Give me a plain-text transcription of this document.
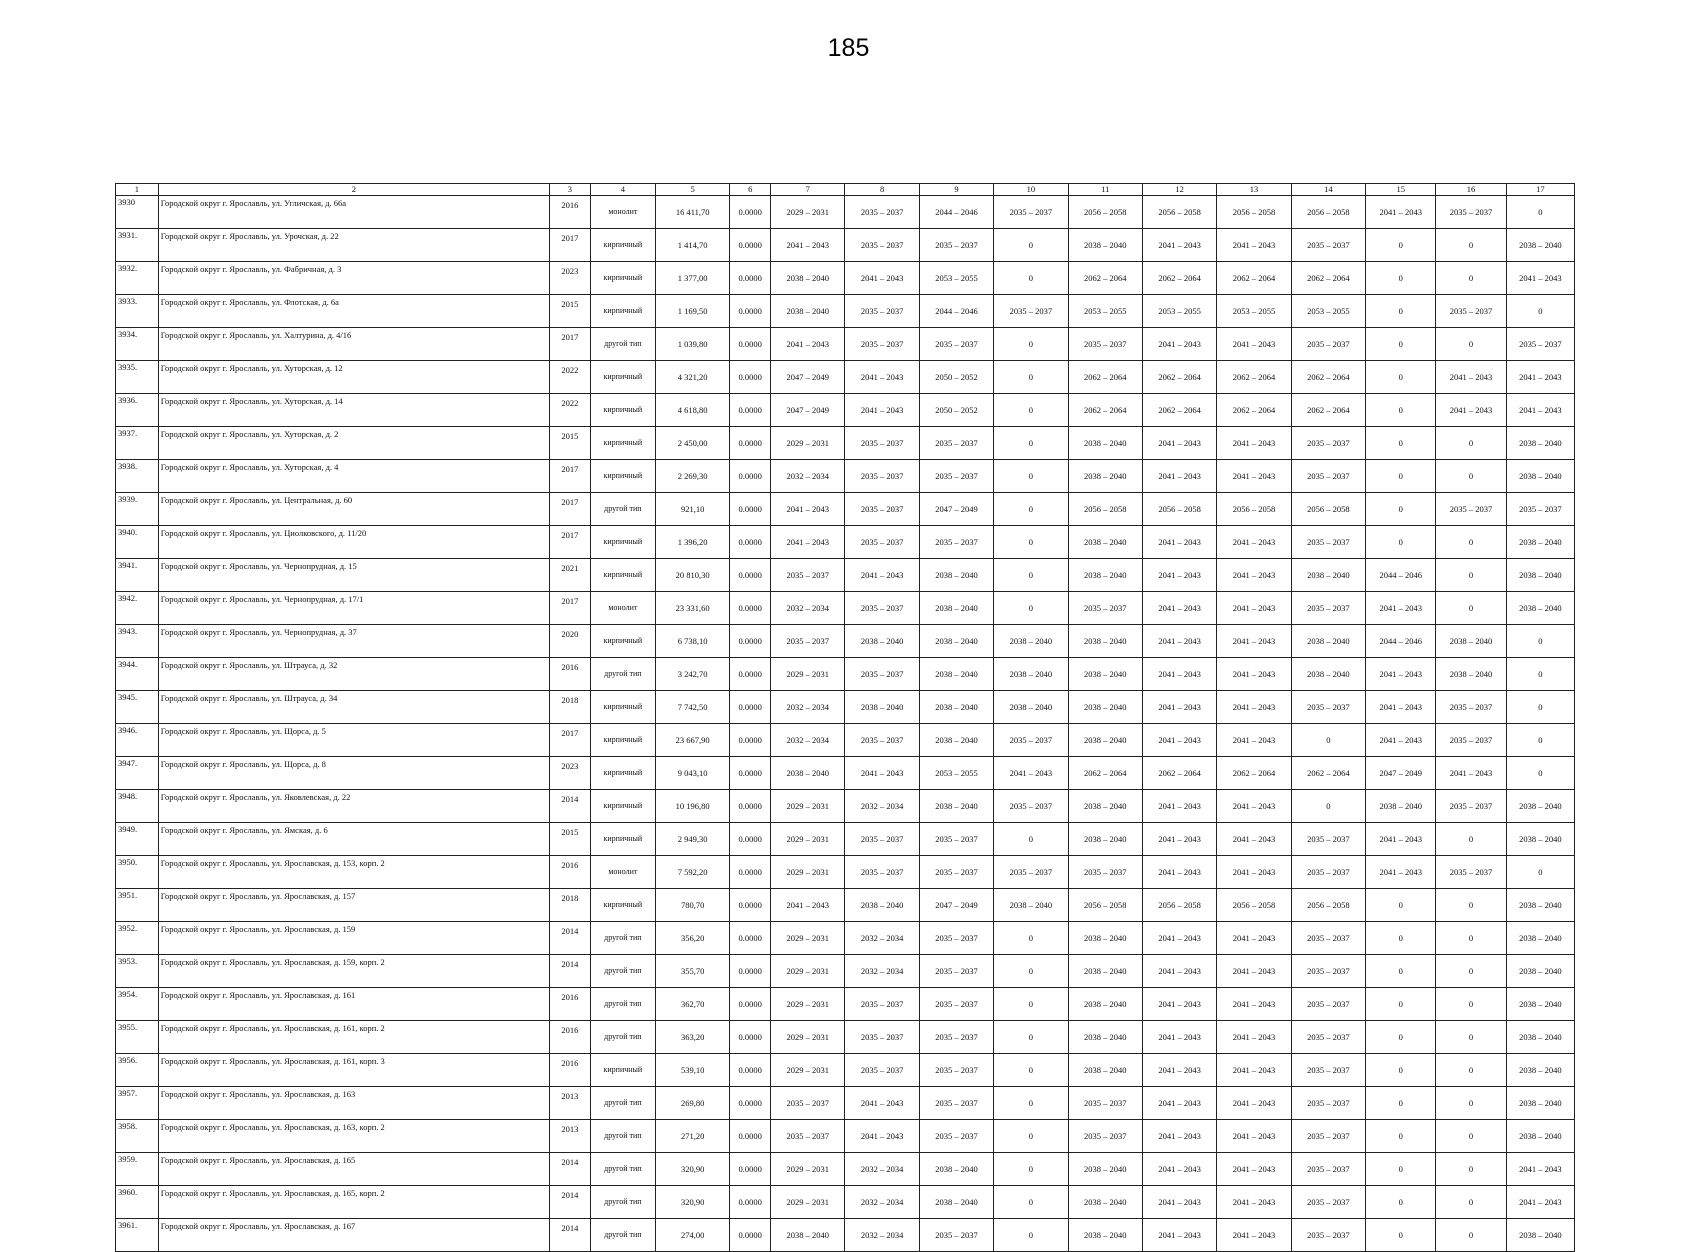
185
1	2	3	4	5	6	7	8	9	10	11	12	13	14	15	16	17
3930	Городской округ г. Ярославль, ул. Угличская, д. 66а	2016	монолит	16 411,70	0.0000	2029 – 2031	2035 – 2037	2044 – 2046	2035 – 2037	2056 – 2058	2056 – 2058	2056 – 2058	2056 – 2058	2041 – 2043	2035 – 2037	0
3931.	Городской округ г. Ярославль, ул. Урочская, д. 22	2017	кирпичный	1 414,70	0.0000	2041 – 2043	2035 – 2037	2035 – 2037	0	2038 – 2040	2041 – 2043	2041 – 2043	2035 – 2037	0	0	2038 – 2040
3932.	Городской округ г. Ярославль, ул. Фабричная, д. 3	2023	кирпичный	1 377,00	0.0000	2038 – 2040	2041 – 2043	2053 – 2055	0	2062 – 2064	2062 – 2064	2062 – 2064	2062 – 2064	0	0	2041 – 2043
3933.	Городской округ г. Ярославль, ул. Флотская, д. 6а	2015	кирпичный	1 169,50	0.0000	2038 – 2040	2035 – 2037	2044 – 2046	2035 – 2037	2053 – 2055	2053 – 2055	2053 – 2055	2053 – 2055	0	2035 – 2037	0
3934.	Городской округ г. Ярославль, ул. Халтурина, д. 4/16	2017	другой тип	1 039,80	0.0000	2041 – 2043	2035 – 2037	2035 – 2037	0	2035 – 2037	2041 – 2043	2041 – 2043	2035 – 2037	0	0	2035 – 2037
3935.	Городской округ г. Ярославль, ул. Хуторская, д. 12	2022	кирпичный	4 321,20	0.0000	2047 – 2049	2041 – 2043	2050 – 2052	0	2062 – 2064	2062 – 2064	2062 – 2064	2062 – 2064	0	2041 – 2043	2041 – 2043
3936.	Городской округ г. Ярославль, ул. Хуторская, д. 14	2022	кирпичный	4 618,80	0.0000	2047 – 2049	2041 – 2043	2050 – 2052	0	2062 – 2064	2062 – 2064	2062 – 2064	2062 – 2064	0	2041 – 2043	2041 – 2043
3937.	Городской округ г. Ярославль, ул. Хуторская, д. 2	2015	кирпичный	2 450,00	0.0000	2029 – 2031	2035 – 2037	2035 – 2037	0	2038 – 2040	2041 – 2043	2041 – 2043	2035 – 2037	0	0	2038 – 2040
3938.	Городской округ г. Ярославль, ул. Хуторская, д. 4	2017	кирпичный	2 269,30	0.0000	2032 – 2034	2035 – 2037	2035 – 2037	0	2038 – 2040	2041 – 2043	2041 – 2043	2035 – 2037	0	0	2038 – 2040
3939.	Городской округ г. Ярославль, ул. Центральная, д. 60	2017	другой тип	921,10	0.0000	2041 – 2043	2035 – 2037	2047 – 2049	0	2056 – 2058	2056 – 2058	2056 – 2058	2056 – 2058	0	2035 – 2037	2035 – 2037
3940.	Городской округ г. Ярославль, ул. Циолковского, д. 11/20	2017	кирпичный	1 396,20	0.0000	2041 – 2043	2035 – 2037	2035 – 2037	0	2038 – 2040	2041 – 2043	2041 – 2043	2035 – 2037	0	0	2038 – 2040
3941.	Городской округ г. Ярославль, ул. Чернопрудная, д. 15	2021	кирпичный	20 810,30	0.0000	2035 – 2037	2041 – 2043	2038 – 2040	0	2038 – 2040	2041 – 2043	2041 – 2043	2038 – 2040	2044 – 2046	0	2038 – 2040
3942.	Городской округ г. Ярославль, ул. Чернопрудная, д. 17/1	2017	монолит	23 331,60	0.0000	2032 – 2034	2035 – 2037	2038 – 2040	0	2035 – 2037	2041 – 2043	2041 – 2043	2035 – 2037	2041 – 2043	0	2038 – 2040
3943.	Городской округ г. Ярославль, ул. Чернопрудная, д. 37	2020	кирпичный	6 738,10	0.0000	2035 – 2037	2038 – 2040	2038 – 2040	2038 – 2040	2038 – 2040	2041 – 2043	2041 – 2043	2038 – 2040	2044 – 2046	2038 – 2040	0
3944.	Городской округ г. Ярославль, ул. Штрауса, д. 32	2016	другой тип	3 242,70	0.0000	2029 – 2031	2035 – 2037	2038 – 2040	2038 – 2040	2038 – 2040	2041 – 2043	2041 – 2043	2038 – 2040	2041 – 2043	2038 – 2040	0
3945.	Городской округ г. Ярославль, ул. Штрауса, д. 34	2018	кирпичный	7 742,50	0.0000	2032 – 2034	2038 – 2040	2038 – 2040	2038 – 2040	2038 – 2040	2041 – 2043	2041 – 2043	2035 – 2037	2041 – 2043	2035 – 2037	0
3946.	Городской округ г. Ярославль, ул. Щорса, д. 5	2017	кирпичный	23 667,90	0.0000	2032 – 2034	2035 – 2037	2038 – 2040	2035 – 2037	2038 – 2040	2041 – 2043	2041 – 2043	0	2041 – 2043	2035 – 2037	0
3947.	Городской округ г. Ярославль, ул. Щорса, д. 8	2023	кирпичный	9 043,10	0.0000	2038 – 2040	2041 – 2043	2053 – 2055	2041 – 2043	2062 – 2064	2062 – 2064	2062 – 2064	2062 – 2064	2047 – 2049	2041 – 2043	0
3948.	Городской округ г. Ярославль, ул. Яковлевская, д. 22	2014	кирпичный	10 196,80	0.0000	2029 – 2031	2032 – 2034	2038 – 2040	2035 – 2037	2038 – 2040	2041 – 2043	2041 – 2043	0	2038 – 2040	2035 – 2037	2038 – 2040
3949.	Городской округ г. Ярославль, ул. Ямская, д. 6	2015	кирпичный	2 949,30	0.0000	2029 – 2031	2035 – 2037	2035 – 2037	0	2038 – 2040	2041 – 2043	2041 – 2043	2035 – 2037	2041 – 2043	0	2038 – 2040
3950.	Городской округ г. Ярославль, ул. Ярославская, д. 153, корп. 2	2016	монолит	7 592,20	0.0000	2029 – 2031	2035 – 2037	2035 – 2037	2035 – 2037	2035 – 2037	2041 – 2043	2041 – 2043	2035 – 2037	2041 – 2043	2035 – 2037	0
3951.	Городской округ г. Ярославль, ул. Ярославская, д. 157	2018	кирпичный	780,70	0.0000	2041 – 2043	2038 – 2040	2047 – 2049	2038 – 2040	2056 – 2058	2056 – 2058	2056 – 2058	2056 – 2058	0	0	2038 – 2040
3952.	Городской округ г. Ярославль, ул. Ярославская, д. 159	2014	другой тип	356,20	0.0000	2029 – 2031	2032 – 2034	2035 – 2037	0	2038 – 2040	2041 – 2043	2041 – 2043	2035 – 2037	0	0	2038 – 2040
3953.	Городской округ г. Ярославль, ул. Ярославская, д. 159, корп. 2	2014	другой тип	355,70	0.0000	2029 – 2031	2032 – 2034	2035 – 2037	0	2038 – 2040	2041 – 2043	2041 – 2043	2035 – 2037	0	0	2038 – 2040
3954.	Городской округ г. Ярославль, ул. Ярославская, д. 161	2016	другой тип	362,70	0.0000	2029 – 2031	2035 – 2037	2035 – 2037	0	2038 – 2040	2041 – 2043	2041 – 2043	2035 – 2037	0	0	2038 – 2040
3955.	Городской округ г. Ярославль, ул. Ярославская, д. 161, корп. 2	2016	другой тип	363,20	0.0000	2029 – 2031	2035 – 2037	2035 – 2037	0	2038 – 2040	2041 – 2043	2041 – 2043	2035 – 2037	0	0	2038 – 2040
3956.	Городской округ г. Ярославль, ул. Ярославская, д. 161, корп. 3	2016	кирпичный	539,10	0.0000	2029 – 2031	2035 – 2037	2035 – 2037	0	2038 – 2040	2041 – 2043	2041 – 2043	2035 – 2037	0	0	2038 – 2040
3957.	Городской округ г. Ярославль, ул. Ярославская, д. 163	2013	другой тип	269,80	0.0000	2035 – 2037	2041 – 2043	2035 – 2037	0	2035 – 2037	2041 – 2043	2041 – 2043	2035 – 2037	0	0	2038 – 2040
3958.	Городской округ г. Ярославль, ул. Ярославская, д. 163, корп. 2	2013	другой тип	271,20	0.0000	2035 – 2037	2041 – 2043	2035 – 2037	0	2035 – 2037	2041 – 2043	2041 – 2043	2035 – 2037	0	0	2038 – 2040
3959.	Городской округ г. Ярославль, ул. Ярославская, д. 165	2014	другой тип	320,90	0.0000	2029 – 2031	2032 – 2034	2038 – 2040	0	2038 – 2040	2041 – 2043	2041 – 2043	2035 – 2037	0	0	2041 – 2043
3960.	Городской округ г. Ярославль, ул. Ярославская, д. 165, корп. 2	2014	другой тип	320,90	0.0000	2029 – 2031	2032 – 2034	2038 – 2040	0	2038 – 2040	2041 – 2043	2041 – 2043	2035 – 2037	0	0	2041 – 2043
3961.	Городской округ г. Ярославль, ул. Ярославская, д. 167	2014	другой тип	274,00	0.0000	2038 – 2040	2032 – 2034	2035 – 2037	0	2038 – 2040	2041 – 2043	2041 – 2043	2035 – 2037	0	0	2038 – 2040
